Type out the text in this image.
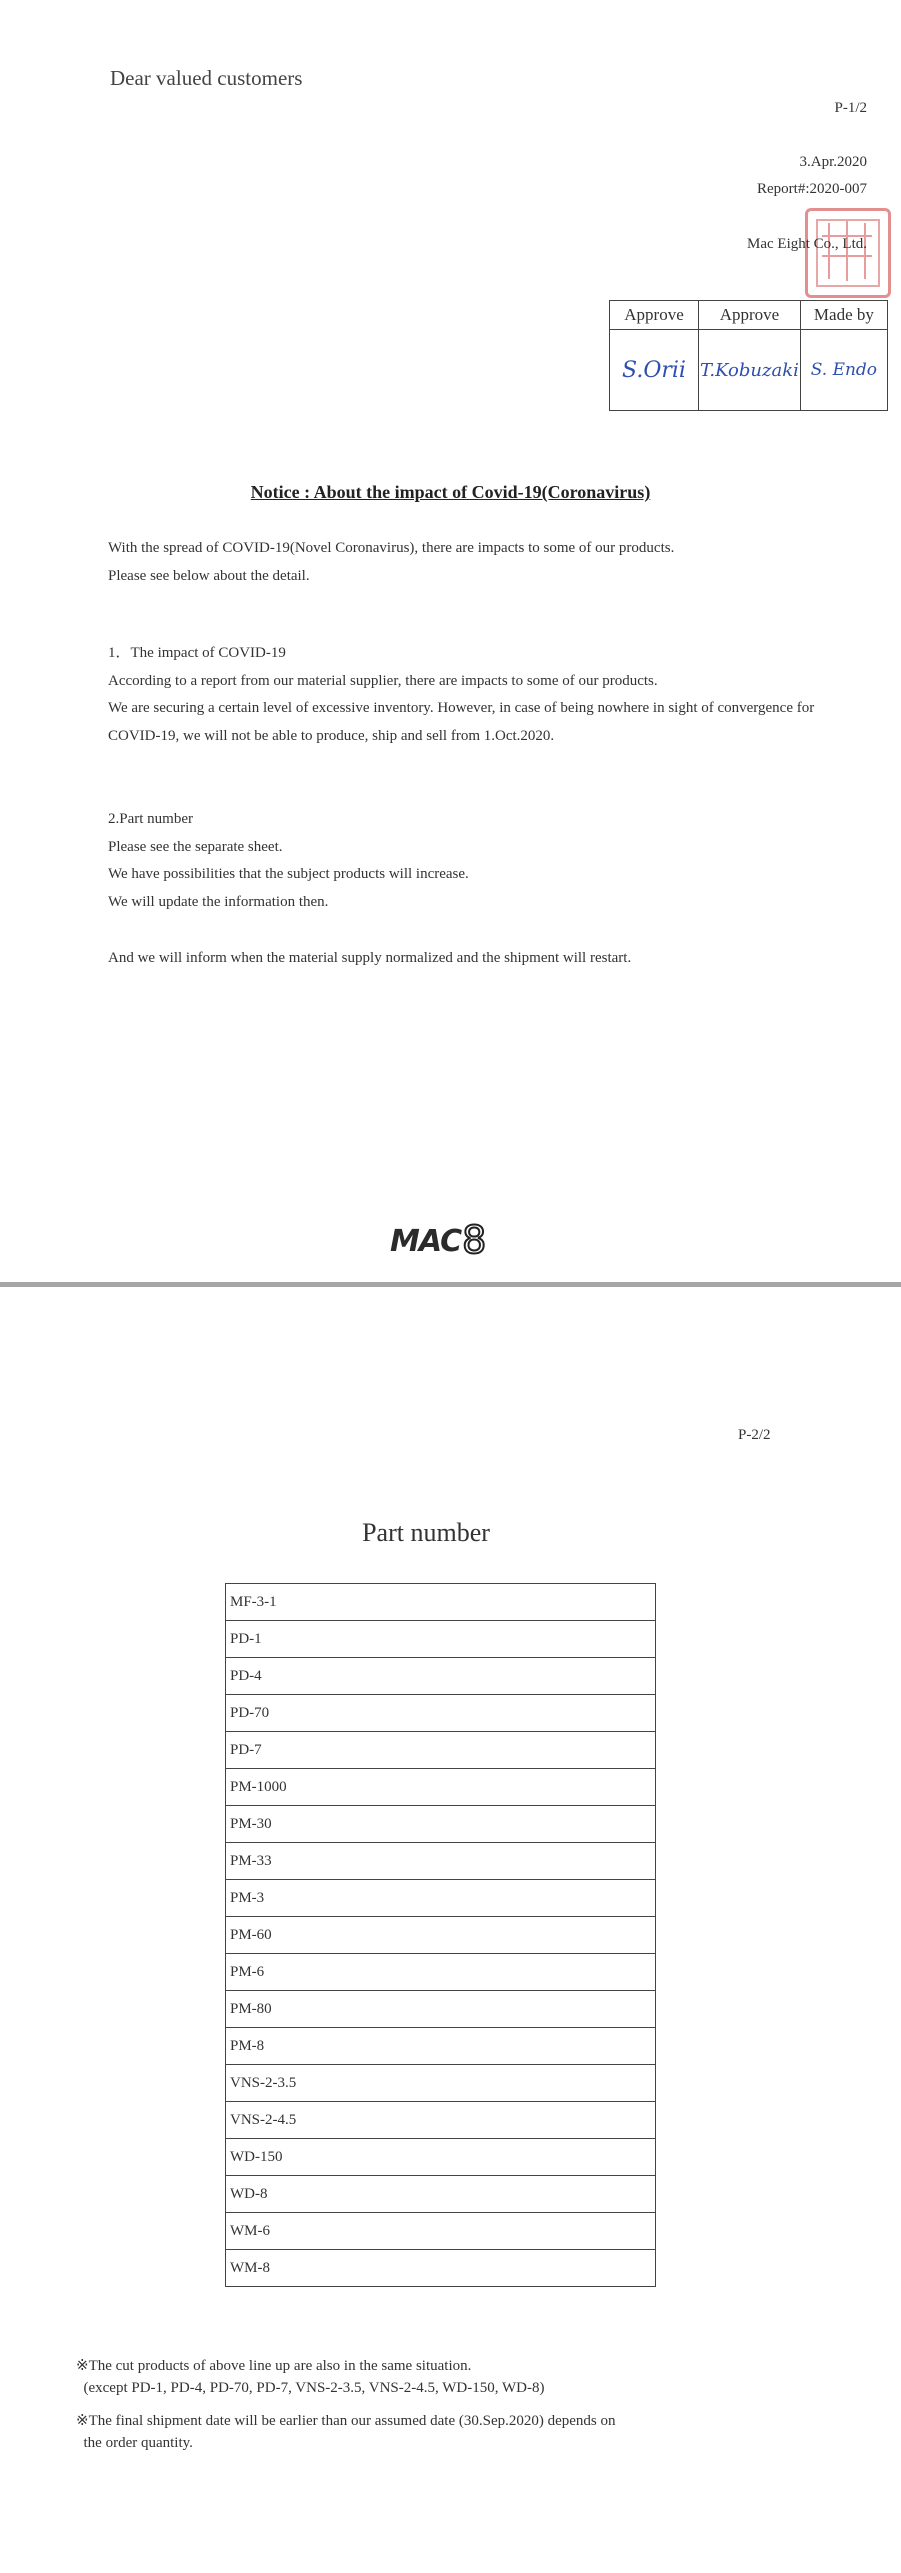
Dear valued customers
P-1/2
3.Apr.2020
Report#:2020-007
Mac Eight Co., Ltd.
Approve	Approve	Made by
S.Orii	T.Kobuzaki	S. Endo
Notice : About the impact of Covid-19(Coronavirus)
With the spread of COVID-19(Novel Coronavirus), there are impacts to some of our products.
Please see below about the detail.
1．The impact of COVID-19
According to a report from our material supplier, there are impacts to some of our products.
We are securing a certain level of excessive inventory. However, in case of being nowhere in sight of convergence for
COVID-19, we will not be able to produce, ship and sell from 1.Oct.2020.
2.Part number
Please see the separate sheet.
We have possibilities that the subject products will increase.
We will update the information then.
And we will inform when the material supply normalized and the shipment will restart.
MAC8
P-2/2
Part number
MF-3-1
PD-1
PD-4
PD-70
PD-7
PM-1000
PM-30
PM-33
PM-3
PM-60
PM-6
PM-80
PM-8
VNS-2-3.5
VNS-2-4.5
WD-150
WD-8
WM-6
WM-8
※The cut products of above line up are also in the same situation.
(except PD-1, PD-4, PD-70, PD-7, VNS-2-3.5, VNS-2-4.5, WD-150, WD-8)
※The final shipment date will be earlier than our assumed date (30.Sep.2020) depends on
the order quantity.
